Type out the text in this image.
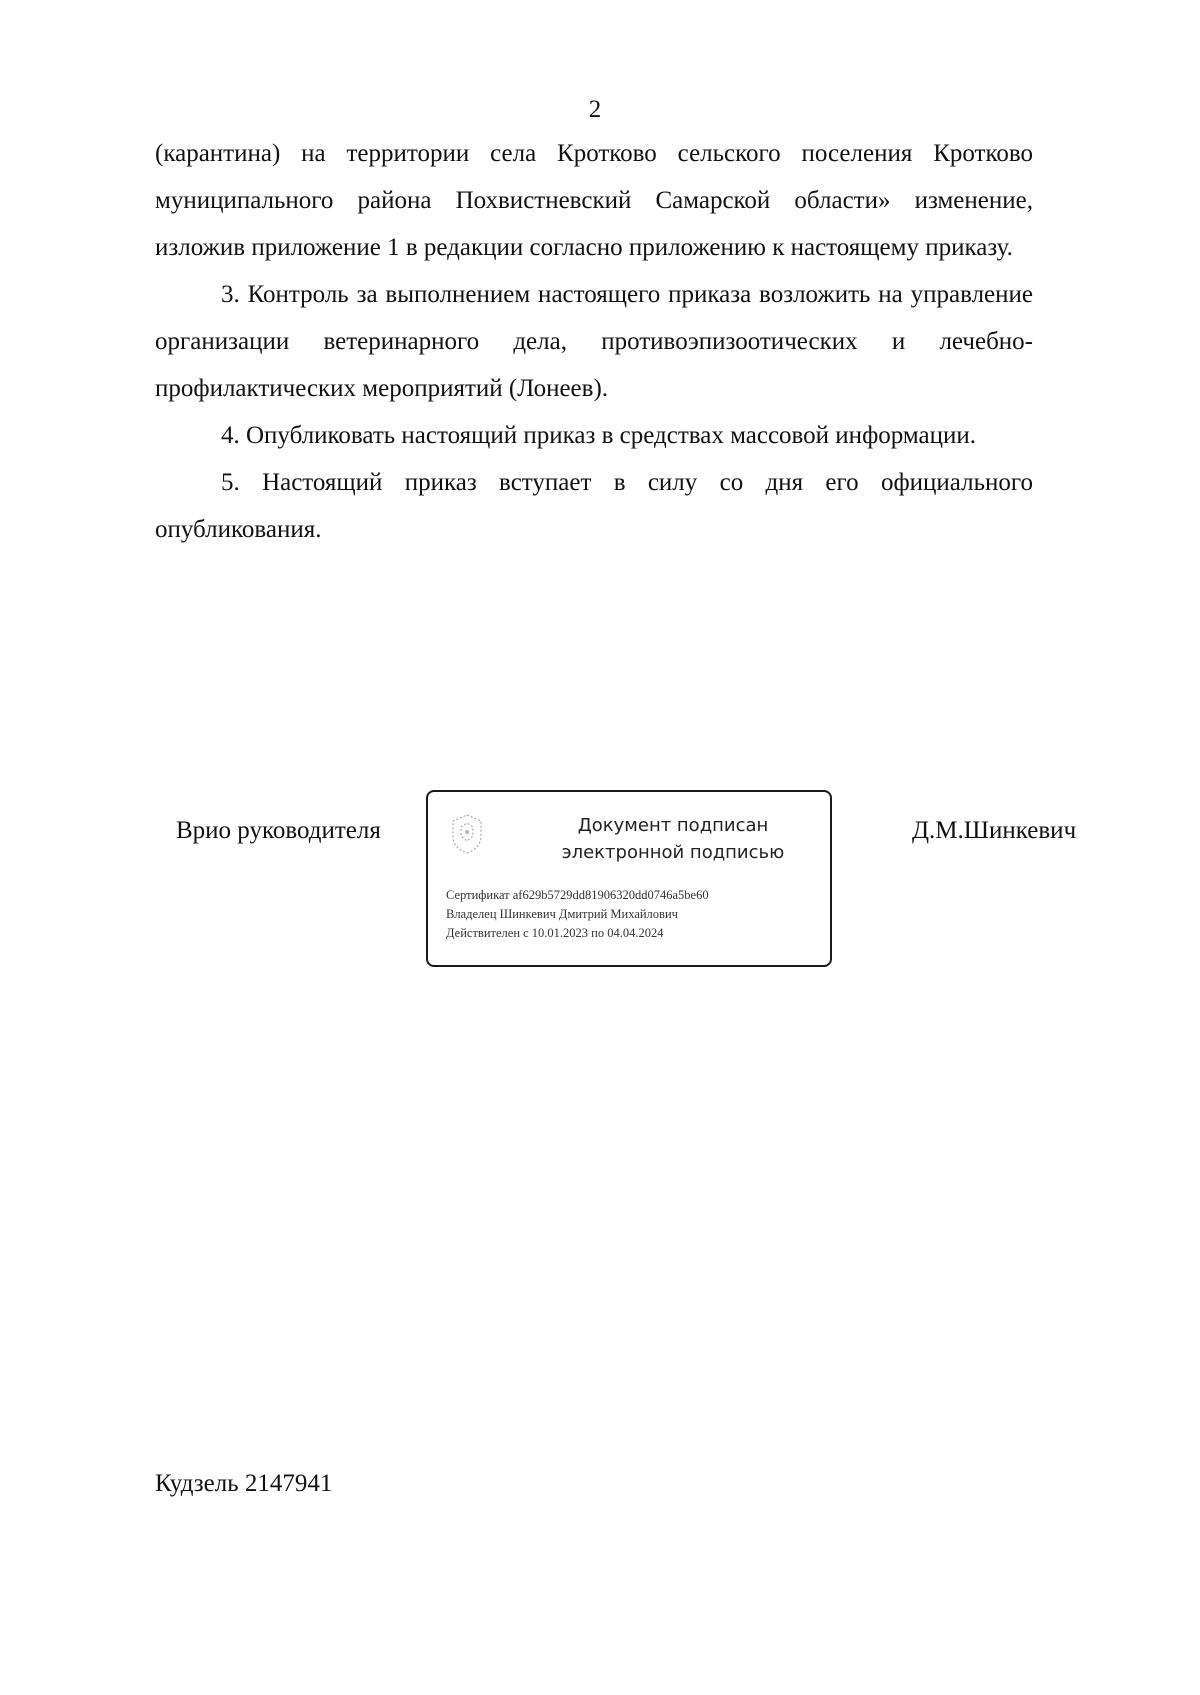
2

(карантина) на территории села Кротково сельского поселения Кротково муниципального района Похвистневский Самарской области» изменение, изложив приложение 1 в редакции согласно приложению к настоящему приказу.

3. Контроль за выполнением настоящего приказа возложить на управление организации ветеринарного дела, противоэпизоотических и лечебно-профилактических мероприятий (Лонеев).

4. Опубликовать настоящий приказ в средствах массовой информации.

5. Настоящий приказ вступает в силу со дня его официального опубликования.

Врио руководителя	Документ подписан
электронной подписью
Сертификат af629b5729dd81906320dd0746a5be60
Владелец Шинкевич Дмитрий Михайлович
Действителен с 10.01.2023 по 04.04.2024
Д.М.Шинкевич
Кудзель 2147941
